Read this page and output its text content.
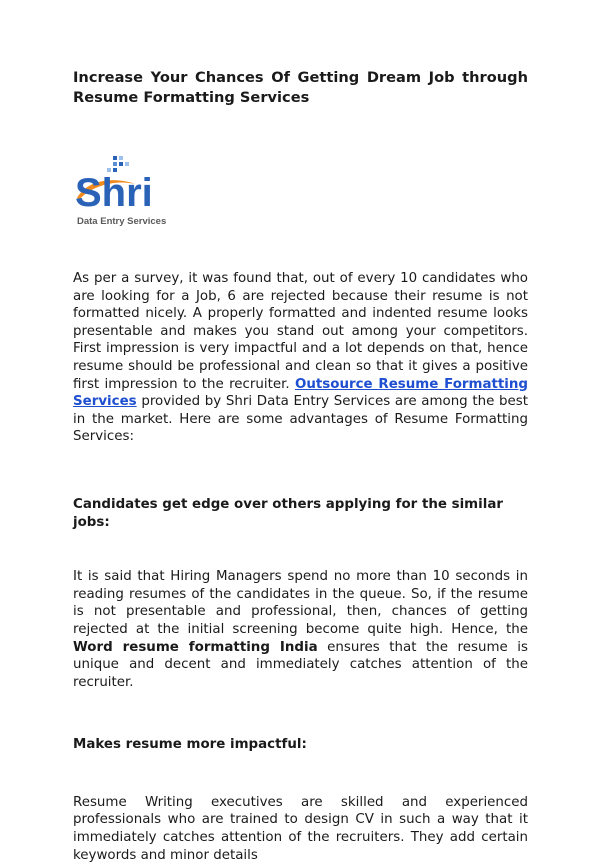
Increase Your Chances Of Getting Dream Job through Resume Formatting Services
Shri
Data Entry Services

As per a survey, it was found that, out of every 10 candidates who are looking for a Job, 6 are rejected because their resume is not formatted nicely. A properly formatted and indented resume looks presentable and makes you stand out among your competitors. First impression is very impactful and a lot depends on that, hence resume should be professional and clean so that it gives a positive first impression to the recruiter. Outsource Resume Formatting Services provided by Shri Data Entry Services are among the best in the market. Here are some advantages of Resume Formatting Services:

Candidates get edge over others applying for the similar jobs:

It is said that Hiring Managers spend no more than 10 seconds in reading resumes of the candidates in the queue. So, if the resume is not presentable and professional, then, chances of getting rejected at the initial screening become quite high. Hence, the Word resume formatting India ensures that the resume is unique and decent and immediately catches attention of the recruiter.

Makes resume more impactful:

Resume Writing executives are skilled and experienced professionals who are trained to design CV in such a way that it immediately catches attention of the recruiters. They add certain keywords and minor details
